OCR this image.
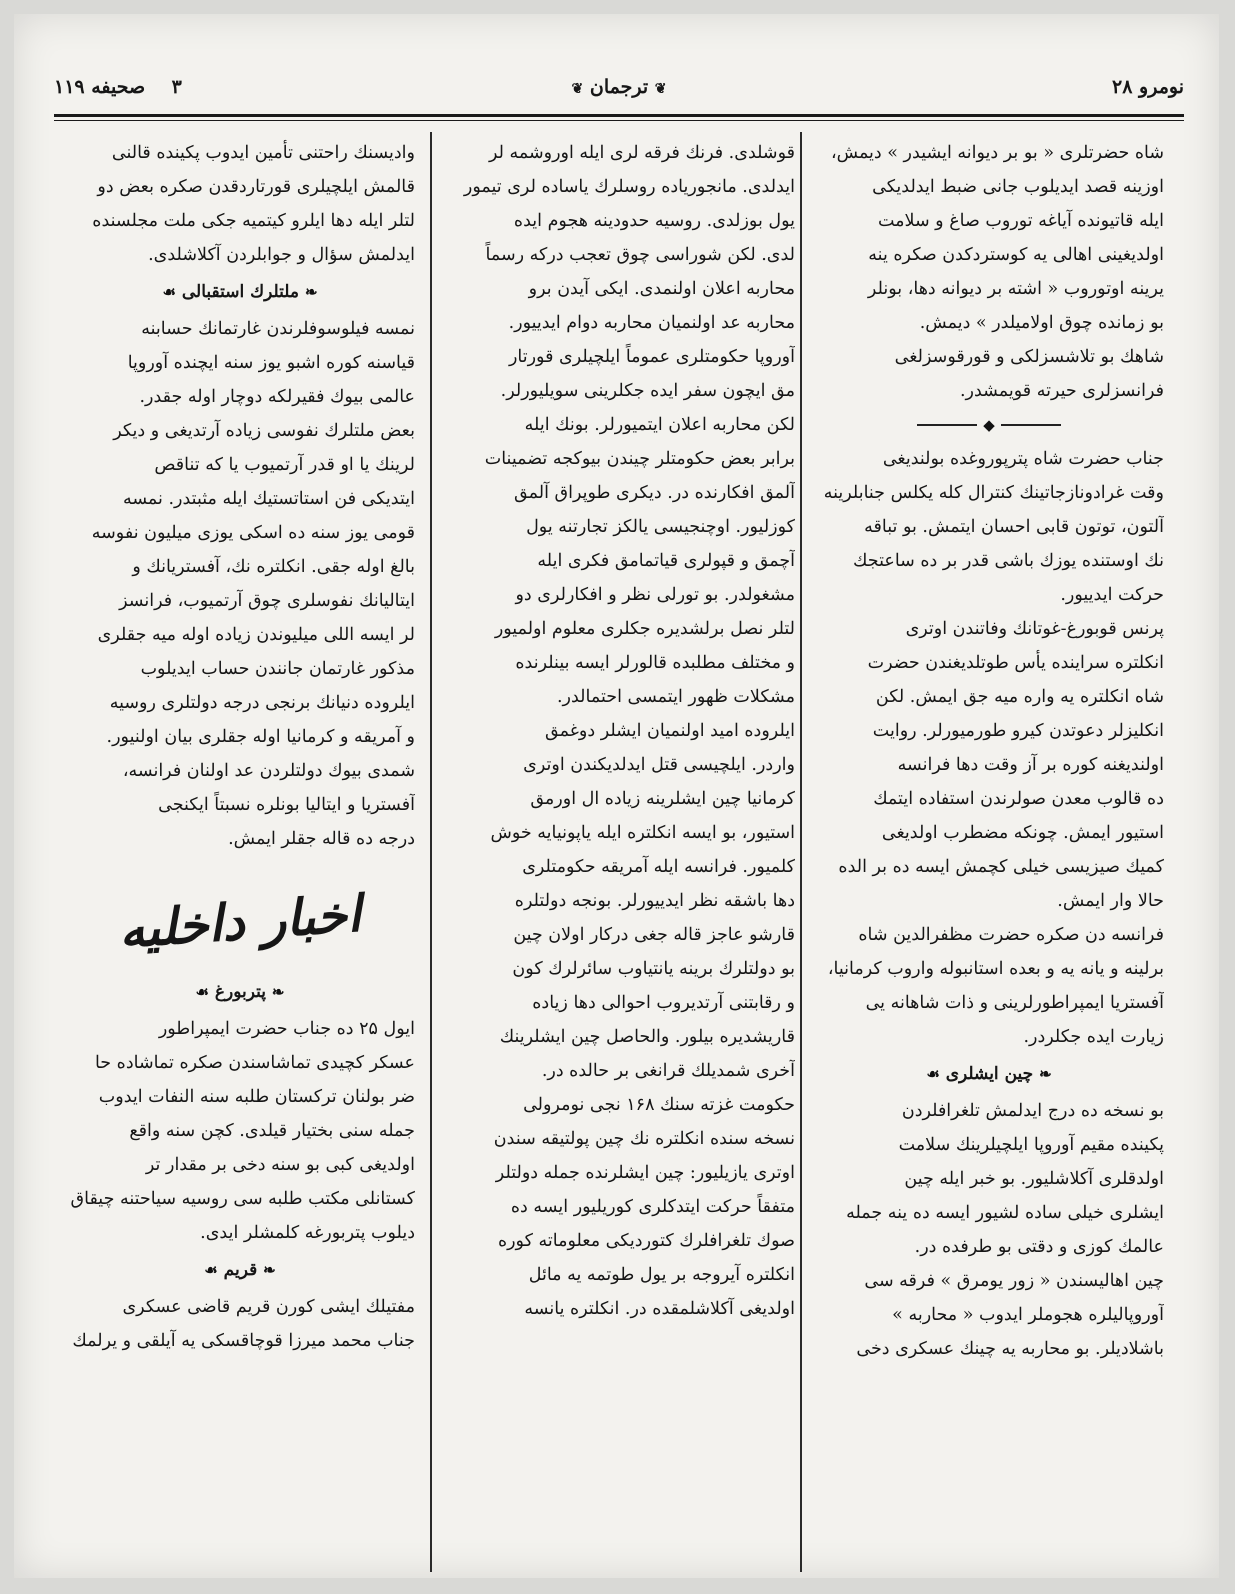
نومرو ۲۸
❦ ترجمان ❦
۳    صحیفه ۱۱۹
شاه حضرتلری « بو بر دیوانه ایشیدر » دیمش،
اوزینه قصد ایدیلوب جانی ضبط ایدلدیکی
ایله قاتیونده آیاغه توروب صاغ و سلامت
اولدیغینی اهالی یه کوستردکدن صکره ینه
یرینه اوتوروب « اشته بر دیوانه دها، بونلر
بو زمانده چوق اولامیلدر » دیمش.
شاهك بو تلاشسزلکی و قورقوسزلغی
فرانسزلری حیرته قویمشدر.
◆
جناب حضرت شاه پترپوروغده بولندیغی
وقت غرادونازجاتینك کنترال کله یکلس جنابلرینه
آلتون، توتون قابی احسان ایتمش. بو تباقه
نك اوستنده یوزك باشی قدر بر ده ساعتجك
حرکت ایدییور.
پرنس قوبورغ-غوتانك وفاتندن اوتری
انکلتره سراینده یأس طوتلدیغندن حضرت
شاه انکلتره یه واره میه جق ایمش. لکن
انکلیزلر دعوتدن کیرو طورمیورلر. روایت
اولندیغنه کوره بر آز وقت دها فرانسه
ده قالوب معدن صولرندن استفاده ایتمك
استیور ایمش. چونکه مضطرب اولدیغی
کمیك صیزیسی خیلی کچمش ایسه ده بر الده
حالا وار ایمش.
فرانسه دن صکره حضرت مظفرالدین شاه
برلینه و یانه یه و بعده استانبوله واروب کرمانیا،
آفستریا ایمپراطورلرینی و ذات شاهانه یی
زیارت ایده جکلردر.
❧ چین ایشلری ☙
بو نسخه ده درج ایدلمش تلغرافلردن
پکینده مقیم آوروپا ایلچیلرینك سلامت
اولدقلری آکلاشلیور. بو خبر ایله چین
ایشلری خیلی ساده لشیور ایسه ده ینه جمله
عالمك کوزی و دقتی بو طرفده در.
چین اهالیسندن « زور یومرق » فرقه سی
آوروپالیلره هجوملر ایدوب « محاربه »
باشلادیلر. بو محاربه یه چینك عسکری دخی
قوشلدی. فرنك فرقه لری ایله اوروشمه لر
ایدلدی. مانجوریاده روسلرك یاساده لری تیمور
یول بوزلدی. روسیه حدودینه هجوم ایده
لدی. لکن شوراسی چوق تعجب درکه رسماً
محاربه اعلان اولنمدی. ایکی آیدن برو
محاربه عد اولنمیان محاربه دوام ایدییور.
آوروپا حکومتلری عموماً ایلچیلری قورتار
مق ایچون سفر ایده جکلرینی سویلیورلر.
لکن محاربه اعلان ایتمیورلر. بونك ایله
برابر بعض حکومتلر چیندن بیوکجه تضمینات
آلمق افکارنده در. دیکری طوپراق آلمق
کوزلیور. اوچنجیسی یالکز تجارتنه یول
آچمق و قپولری قیاتمامق فکری ایله
مشغولدر. بو تورلی نظر و افکارلری دو
لتلر نصل برلشدیره جکلری معلوم اولمیور
و مختلف مطلبده قالورلر ایسه بینلرنده
مشکلات ظهور ایتمسی احتمالدر.
ایلروده امید اولنمیان ایشلر دوغمق
واردر. ایلچیسی قتل ایدلدیکندن اوتری
کرمانیا چین ایشلرینه زیاده ال اورمق
استیور، بو ایسه انکلتره ایله یاپونیایه خوش
کلمیور. فرانسه ایله آمریقه حکومتلری
دها باشقه نظر ایدییورلر. بونجه دولتلره
قارشو عاجز قاله جغی درکار اولان چین
بو دولتلرك برینه یانتیاوب سائرلرك کون
و رقابتنی آرتدیروب احوالی دها زیاده
قاریشدیره بیلور. والحاصل چین ایشلرینك
آخری شمدیلك قرانغی بر حالده در.
حکومت غزته سنك ۱۶۸ نجی نومرولی
نسخه سنده انکلتره نك چین پولتیقه سندن
اوتری یازیلیور: چین ایشلرنده جمله دولتلر
متفقاً حرکت ایتدکلری کوریلیور ایسه ده
صوك تلغرافلرك کتوردیکی معلوماته کوره
انکلتره آیروجه بر یول طوتمه یه مائل
اولدیغی آکلاشلمقده در. انکلتره یانسه
وادیسنك راحتنی تأمین ایدوب پکینده قالنی
قالمش ایلچیلری قورتاردقدن صکره بعض دو
لتلر ایله دها ایلرو کیتمیه جکی ملت مجلسنده
ایدلمش سؤال و جوابلردن آکلاشلدی.
❧ ملتلرك استقبالی ☙
نمسه فیلوسوفلرندن غارتمانك حسابنه
قیاسنه کوره اشبو یوز سنه ایچنده آوروپا
عالمی بیوك فقیرلکه دوچار اوله جقدر.
بعض ملتلرك نفوسی زیاده آرتدیغی و دیکر
لرینك یا او قدر آرتمیوب یا که تناقص
ایتدیکی فن استاتستیك ایله مثبتدر. نمسه
قومی یوز سنه ده اسکی یوزی میلیون نفوسه
بالغ اوله جقی. انکلتره نك، آفستریانك و
ایتالیانك نفوسلری چوق آرتمیوب، فرانسز
لر ایسه اللی میلیوندن زیاده اوله میه جقلری
مذکور غارتمان جانندن حساب ایدیلوب
ایلروده دنیانك برنجی درجه دولتلری روسیه
و آمریقه و کرمانیا اوله جقلری بیان اولنیور.
شمدی بیوك دولتلردن عد اولنان فرانسه،
آفستریا و ایتالیا بونلره نسبتاً ایکنجی
درجه ده قاله جقلر ایمش.
اخبار داخلیه
❧ پتربورغ ☙
ایول ۲۵ ده جناب حضرت ایمپراطور
عسکر کچیدی تماشاسندن صکره تماشاده حا
ضر بولنان ترکستان طلبه سنه النفات ایدوب
جمله سنی بختیار قیلدی. کچن سنه واقع
اولدیغی کبی بو سنه دخی بر مقدار تر
کستانلی مکتب طلبه سی روسیه سیاحتنه چیقاق
دیلوب پتربورغه کلمشلر ایدی.
❧ قریم ☙
مفتیلك ایشی کورن قریم قاضی عسکری
جناب محمد میرزا قوچاقسکی یه آیلقی و یرلمك
